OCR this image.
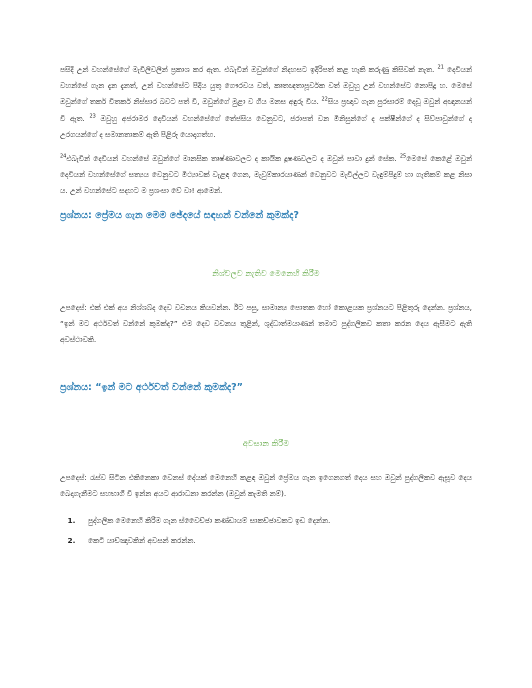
පසිදි උන් වහන්සේගේ මැවිලිවලින් ප්‍රකාශ කර ඇත. එබැවින් ඔවුන්ගේ නිදහසට ඉදිරිපත් කළ හැකි කරුණු කිසිවක් නැත. $^{21}$ දෙවියන් වහන්සේ ගැන දැන දැනත්, උන් වහන්සේට පිදිය යුතු ගෞරවය වත්, කෘතඥතාපූර්වක වත් ඔවුහු උන් වහන්සේට නොපිදූ හ. මෙසේ ඔවුන්ගේ තර්ක විතර්ක නිස්සාර බවට පත් වී, ඔවුන්ගේ මුළා ව ගිය මනස අඳුරු විය. $^{22}$සිය ප්‍රඥාව ගැන පුරසාරම් දෙඩූ ඔවුන් අඥානයන් වී ඇත. $^{23}$ ඔවුහු අජරාමර දෙවියන් වහන්සේගේ තේජසිය වෙනුවට, ජරාපත් වන මිනිසුන්ගේ ද පක්ෂීන්ගේ ද සිව්පාවුන්ගේ ද උරගයන්ගේ ද සමානතාකම් ඇති පිළිරූ යොදාගත්හ.

$^{24}$එබැවින් දෙවියන් වහන්සේ ඔවුන්ගේ මානසික තෘෂ්ණාවලට ද කායික දූෂණවලට ද ඔවුන් පාවා දුන් සේක. $^{25}$මෙසේ කෙළේ ඔවුන් දෙවියන් වහන්සේගේ සත්‍යය වෙනුවට මිථ්‍යාවක් වැළඳ ගෙන, මැවුම්කාරයාණන් වෙනුවට මැවිල්ලට වැඳුම්පිදුම් හා ගැතිකම් කළ නිසා ය. උන් වහන්සේට සදහට ම ප්‍රශංසා වේ වා! ආමෙන්.

ප්‍රශ්නය: ප්‍රේමය ගැන මෙම ඡේදයේ සඳහන් වන්නේ කුමක්ද?

නිශ්චලව නැතිව මෙනෙහි කිරීම

උපදෙස්: එක් එක් අය නිශ්ශබ්ද දෙව වචනය කියවන්න. ඊට පසු, සාමාන්‍ය පොතක හෝ කොළයක ප්‍රශ්නයට පිළිතුරු දෙන්න. ප්‍රශ්නය, “ඉන් මට අර්ථවත් වන්නේ කුමක්ද?” එම දෙව වචනය තුළින්, ශුද්ධාත්මයාණන් තමාට පුද්ගලිකව කතා කරන දෙය ඇසීමට ඇති අවස්ථාවකි.

ප්‍රශ්නය: “ඉන් මට අර්ථවත් වන්නේ කුමක්ද?”

අවසාන කිරීම

උපදෙස්: රැස්ව සිටින එකිනෙකා වෙනස් දේයක් මෙනෙහි කළඳ ඔවුන් ප්‍රේමය ගැන ඉගෙනගත් දෙය සහ ඔවුන් පුද්ගලිකව ඇසූව දෙය බෙදාගැනීමට සහභාගී වී ඉන්න අයට ආරාධනා කරන්න (ඔවුන් කැමති නම්).

1. පුද්ගලික මෙනෙහි කිරීම ගැන ස්වෛච්ඡා කණ්ඩායම් සාකච්ඡාවකට ඉඩ දෙන්න.
2. කෙටි යාච්ඤාවකින් අවසන් කරන්න.
